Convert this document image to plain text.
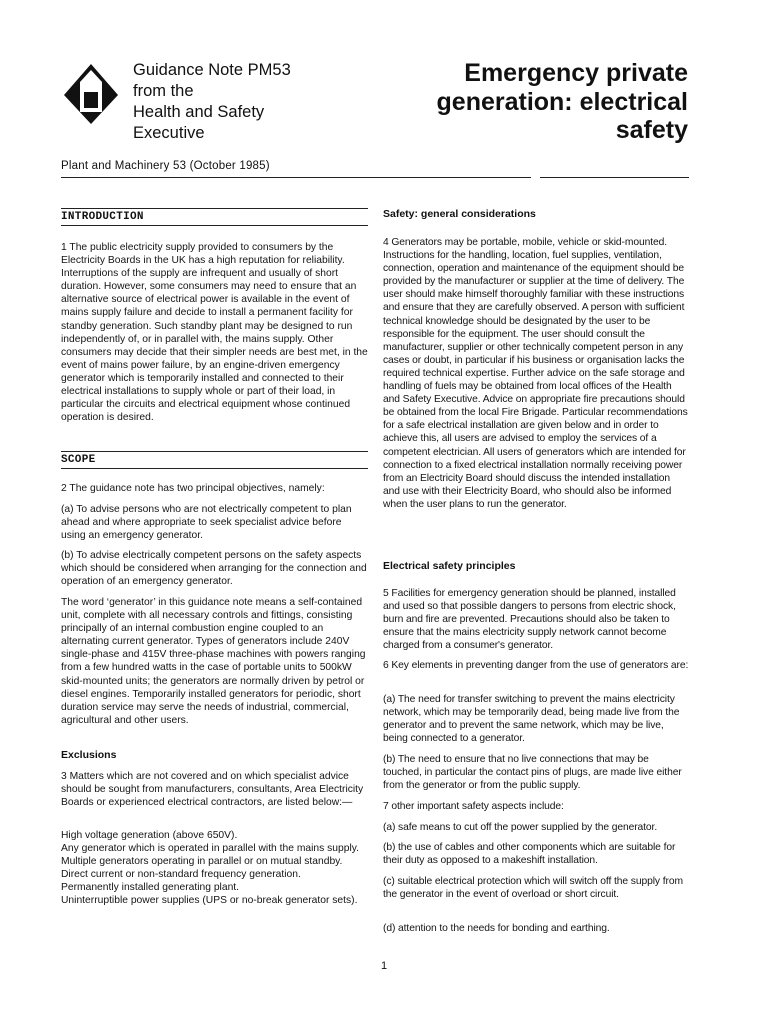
Guidance Note PM53
from the
Health and Safety
Executive
Emergency private
generation: electrical
safety
Plant and Machinery 53 (October 1985)
INTRODUCTION

1 The public electricity supply provided to consumers by the Electricity Boards in the UK has a high reputation for reliability. Interruptions of the supply are infrequent and usually of short duration. However, some consumers may need to ensure that an alternative source of electrical power is available in the event of mains supply failure and decide to install a permanent facility for standby generation. Such standby plant may be designed to run independently of, or in parallel with, the mains supply. Other consumers may decide that their simpler needs are best met, in the event of mains power failure, by an engine-driven emergency generator which is temporarily installed and connected to their electrical installations to supply whole or part of their load, in particular the circuits and electrical equipment whose continued operation is desired.

SCOPE

2 The guidance note has two principal objectives, namely:

(a) To advise persons who are not electrically competent to plan ahead and where appropriate to seek specialist advice before using an emergency generator.

(b) To advise electrically competent persons on the safety aspects which should be considered when arranging for the connection and operation of an emergency generator.

The word ‘generator’ in this guidance note means a self-contained unit, complete with all necessary controls and fittings, consisting principally of an internal combustion engine coupled to an alternating current generator. Types of generators include 240V single-phase and 415V three-phase machines with powers ranging from a few hundred watts in the case of portable units to 500kW skid-mounted units; the generators are normally driven by petrol or diesel engines. Temporarily installed generators for periodic, short duration service may serve the needs of industrial, commercial, agricultural and other users.

Exclusions

3 Matters which are not covered and on which specialist advice should be sought from manufacturers, consultants, Area Electricity Boards or experienced electrical contractors, are listed below:—

High voltage generation (above 650V).

Any generator which is operated in parallel with the mains supply.

Multiple generators operating in parallel or on mutual standby.

Direct current or non-standard frequency generation.

Permanently installed generating plant.

Uninterruptible power supplies (UPS or no-break generator sets).

Safety: general considerations

4 Generators may be portable, mobile, vehicle or skid-mounted. Instructions for the handling, location, fuel supplies, ventilation, connection, operation and maintenance of the equipment should be provided by the manufacturer or supplier at the time of delivery. The user should make himself thoroughly familiar with these instructions and ensure that they are carefully observed. A person with sufficient technical knowledge should be designated by the user to be responsible for the equipment. The user should consult the manufacturer, supplier or other technically competent person in any cases or doubt, in particular if his business or organisation lacks the required technical expertise. Further advice on the safe storage and handling of fuels may be obtained from local offices of the Health and Safety Executive. Advice on appropriate fire precautions should be obtained from the local Fire Brigade. Particular recommendations for a safe electrical installation are given below and in order to achieve this, all users are advised to employ the services of a competent electrician. All users of generators which are intended for connection to a fixed electrical installation normally receiving power from an Electricity Board should discuss the intended installation and use with their Electricity Board, who should also be informed when the user plans to run the generator.

Electrical safety principles

5 Facilities for emergency generation should be planned, installed and used so that possible dangers to persons from electric shock, burn and fire are prevented. Precautions should also be taken to ensure that the mains electricity supply network cannot become charged from a consumer's generator.

6 Key elements in preventing danger from the use of generators are:

(a) The need for transfer switching to prevent the mains electricity network, which may be temporarily dead, being made live from the generator and to prevent the same network, which may be live, being connected to a generator.

(b) The need to ensure that no live connections that may be touched, in particular the contact pins of plugs, are made live either from the generator or from the public supply.

7 other important safety aspects include:

(a) safe means to cut off the power supplied by the generator.

(b) the use of cables and other components which are suitable for their duty as opposed to a makeshift installation.

(c) suitable electrical protection which will switch off the supply from the generator in the event of overload or short circuit.

(d) attention to the needs for bonding and earthing.

1
